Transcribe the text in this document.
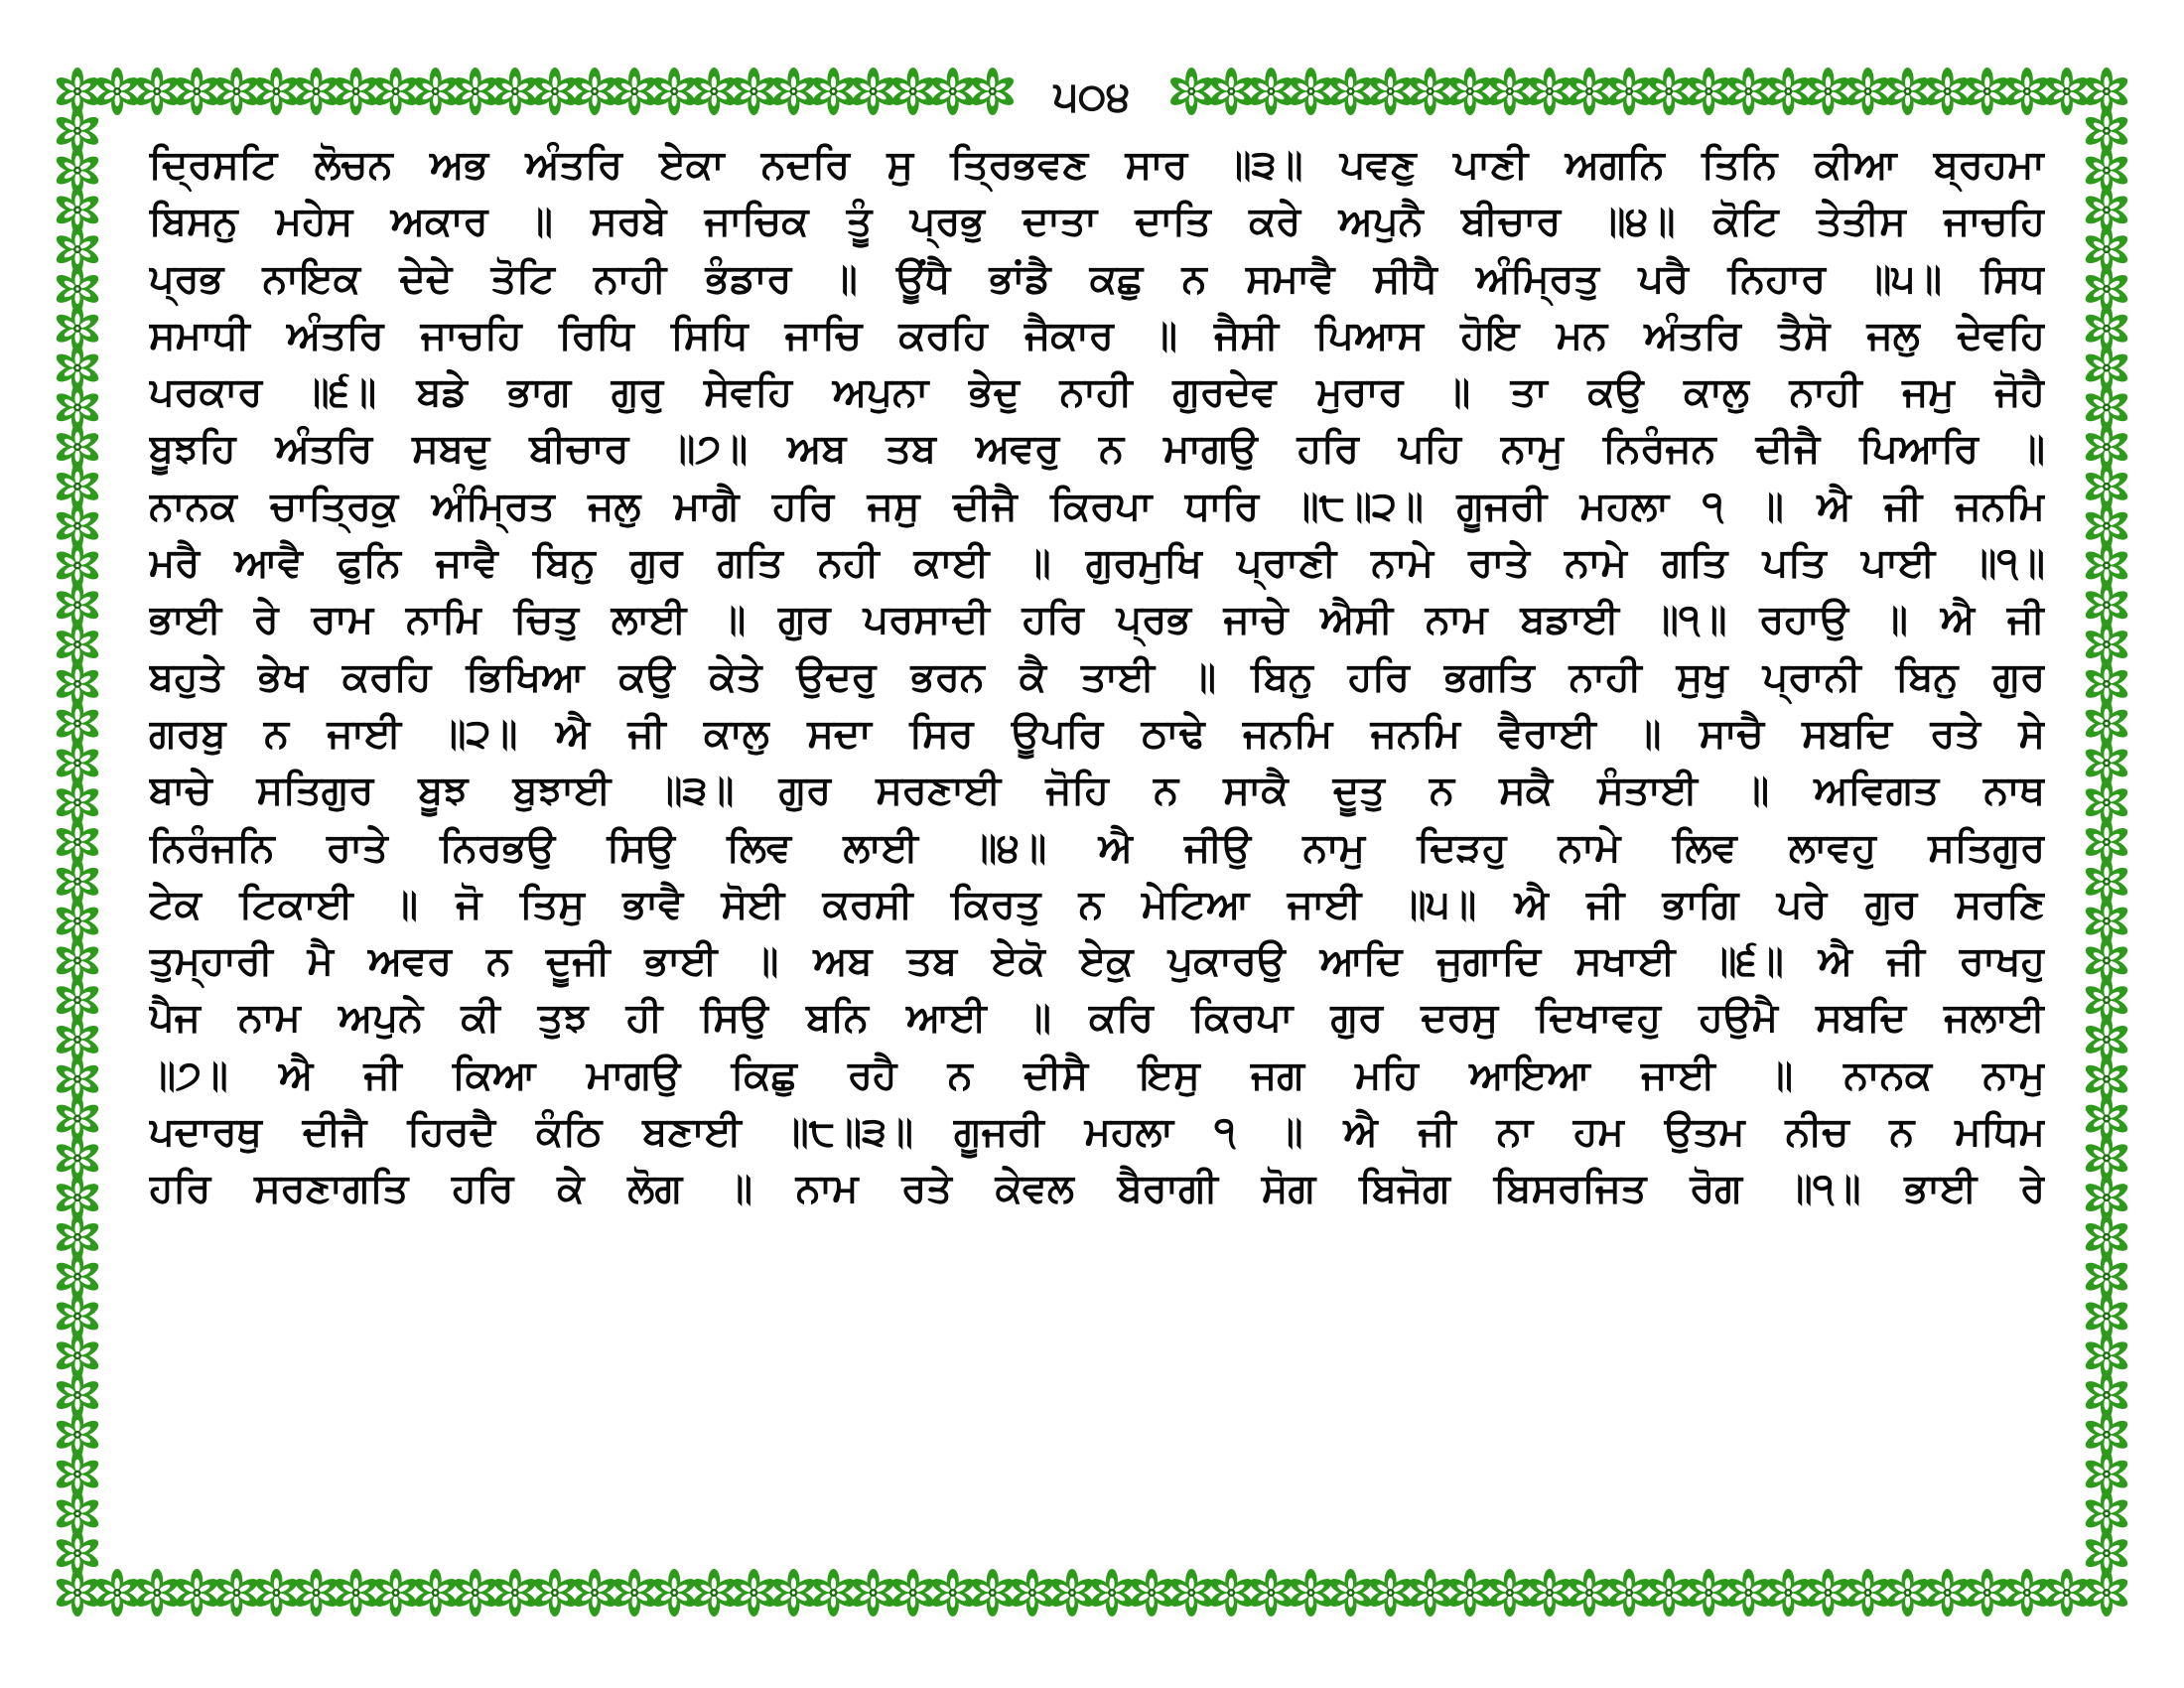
੫੦੪
ਦ੍ਰਿਸਟਿ ਲੋਚਨ ਅਭ ਅੰਤਰਿ ਏਕਾ ਨਦਰਿ ਸੁ ਤ੍ਰਿਭਵਣ ਸਾਰ ॥੩॥ ਪਵਣੁ ਪਾਣੀ ਅਗਨਿ ਤਿਨਿ ਕੀਆ ਬ੍ਰਹਮਾ
ਬਿਸਨੁ ਮਹੇਸ ਅਕਾਰ ॥ ਸਰਬੇ ਜਾਚਿਕ ਤੂੰ ਪ੍ਰਭੁ ਦਾਤਾ ਦਾਤਿ ਕਰੇ ਅਪੁਨੈ ਬੀਚਾਰ ॥੪॥ ਕੋਟਿ ਤੇਤੀਸ ਜਾਚਹਿ
ਪ੍ਰਭ ਨਾਇਕ ਦੇਦੇ ਤੋਟਿ ਨਾਹੀ ਭੰਡਾਰ ॥ ਊਂਧੈ ਭਾਂਡੈ ਕਛੁ ਨ ਸਮਾਵੈ ਸੀਧੈ ਅੰਮ੍ਰਿਤੁ ਪਰੈ ਨਿਹਾਰ ॥੫॥ ਸਿਧ
ਸਮਾਧੀ ਅੰਤਰਿ ਜਾਚਹਿ ਰਿਧਿ ਸਿਧਿ ਜਾਚਿ ਕਰਹਿ ਜੈਕਾਰ ॥ ਜੈਸੀ ਪਿਆਸ ਹੋਇ ਮਨ ਅੰਤਰਿ ਤੈਸੋ ਜਲੁ ਦੇਵਹਿ
ਪਰਕਾਰ ॥੬॥ ਬਡੇ ਭਾਗ ਗੁਰੁ ਸੇਵਹਿ ਅਪੁਨਾ ਭੇਦੁ ਨਾਹੀ ਗੁਰਦੇਵ ਮੁਰਾਰ ॥ ਤਾ ਕਉ ਕਾਲੁ ਨਾਹੀ ਜਮੁ ਜੋਹੈ
ਬੂਝਹਿ ਅੰਤਰਿ ਸਬਦੁ ਬੀਚਾਰ ॥੭॥ ਅਬ ਤਬ ਅਵਰੁ ਨ ਮਾਗਉ ਹਰਿ ਪਹਿ ਨਾਮੁ ਨਿਰੰਜਨ ਦੀਜੈ ਪਿਆਰਿ ॥
ਨਾਨਕ ਚਾਤ੍ਰਿਕੁ ਅੰਮ੍ਰਿਤ ਜਲੁ ਮਾਗੈ ਹਰਿ ਜਸੁ ਦੀਜੈ ਕਿਰਪਾ ਧਾਰਿ ॥੮॥੨॥ ਗੂਜਰੀ ਮਹਲਾ ੧ ॥ ਐ ਜੀ ਜਨਮਿ
ਮਰੈ ਆਵੈ ਫੁਨਿ ਜਾਵੈ ਬਿਨੁ ਗੁਰ ਗਤਿ ਨਹੀ ਕਾਈ ॥ ਗੁਰਮੁਖਿ ਪ੍ਰਾਣੀ ਨਾਮੇ ਰਾਤੇ ਨਾਮੇ ਗਤਿ ਪਤਿ ਪਾਈ ॥੧॥
ਭਾਈ ਰੇ ਰਾਮ ਨਾਮਿ ਚਿਤੁ ਲਾਈ ॥ ਗੁਰ ਪਰਸਾਦੀ ਹਰਿ ਪ੍ਰਭ ਜਾਚੇ ਐਸੀ ਨਾਮ ਬਡਾਈ ॥੧॥ ਰਹਾਉ ॥ ਐ ਜੀ
ਬਹੁਤੇ ਭੇਖ ਕਰਹਿ ਭਿਖਿਆ ਕਉ ਕੇਤੇ ਉਦਰੁ ਭਰਨ ਕੈ ਤਾਈ ॥ ਬਿਨੁ ਹਰਿ ਭਗਤਿ ਨਾਹੀ ਸੁਖੁ ਪ੍ਰਾਨੀ ਬਿਨੁ ਗੁਰ
ਗਰਬੁ ਨ ਜਾਈ ॥੨॥ ਐ ਜੀ ਕਾਲੁ ਸਦਾ ਸਿਰ ਊਪਰਿ ਠਾਢੇ ਜਨਮਿ ਜਨਮਿ ਵੈਰਾਈ ॥ ਸਾਚੈ ਸਬਦਿ ਰਤੇ ਸੇ
ਬਾਚੇ ਸਤਿਗੁਰ ਬੂਝ ਬੁਝਾਈ ॥੩॥ ਗੁਰ ਸਰਣਾਈ ਜੋਹਿ ਨ ਸਾਕੈ ਦੂਤੁ ਨ ਸਕੈ ਸੰਤਾਈ ॥ ਅਵਿਗਤ ਨਾਥ
ਨਿਰੰਜਨਿ ਰਾਤੇ ਨਿਰਭਉ ਸਿਉ ਲਿਵ ਲਾਈ ॥੪॥ ਐ ਜੀਉ ਨਾਮੁ ਦਿੜਹੁ ਨਾਮੇ ਲਿਵ ਲਾਵਹੁ ਸਤਿਗੁਰ
ਟੇਕ ਟਿਕਾਈ ॥ ਜੋ ਤਿਸੁ ਭਾਵੈ ਸੋਈ ਕਰਸੀ ਕਿਰਤੁ ਨ ਮੇਟਿਆ ਜਾਈ ॥੫॥ ਐ ਜੀ ਭਾਗਿ ਪਰੇ ਗੁਰ ਸਰਣਿ
ਤੁਮ੍ਹਾਰੀ ਮੈ ਅਵਰ ਨ ਦੂਜੀ ਭਾਈ ॥ ਅਬ ਤਬ ਏਕੋ ਏਕੁ ਪੁਕਾਰਉ ਆਦਿ ਜੁਗਾਦਿ ਸਖਾਈ ॥੬॥ ਐ ਜੀ ਰਾਖਹੁ
ਪੈਜ ਨਾਮ ਅਪੁਨੇ ਕੀ ਤੁਝ ਹੀ ਸਿਉ ਬਨਿ ਆਈ ॥ ਕਰਿ ਕਿਰਪਾ ਗੁਰ ਦਰਸੁ ਦਿਖਾਵਹੁ ਹਉਮੈ ਸਬਦਿ ਜਲਾਈ
॥੭॥ ਐ ਜੀ ਕਿਆ ਮਾਗਉ ਕਿਛੁ ਰਹੈ ਨ ਦੀਸੈ ਇਸੁ ਜਗ ਮਹਿ ਆਇਆ ਜਾਈ ॥ ਨਾਨਕ ਨਾਮੁ
ਪਦਾਰਥੁ ਦੀਜੈ ਹਿਰਦੈ ਕੰਠਿ ਬਣਾਈ ॥੮॥੩॥ ਗੂਜਰੀ ਮਹਲਾ ੧ ॥ ਐ ਜੀ ਨਾ ਹਮ ਉਤਮ ਨੀਚ ਨ ਮਧਿਮ
ਹਰਿ ਸਰਣਾਗਤਿ ਹਰਿ ਕੇ ਲੋਗ ॥ ਨਾਮ ਰਤੇ ਕੇਵਲ ਬੈਰਾਗੀ ਸੋਗ ਬਿਜੋਗ ਬਿਸਰਜਿਤ ਰੋਗ ॥੧॥ ਭਾਈ ਰੇ
